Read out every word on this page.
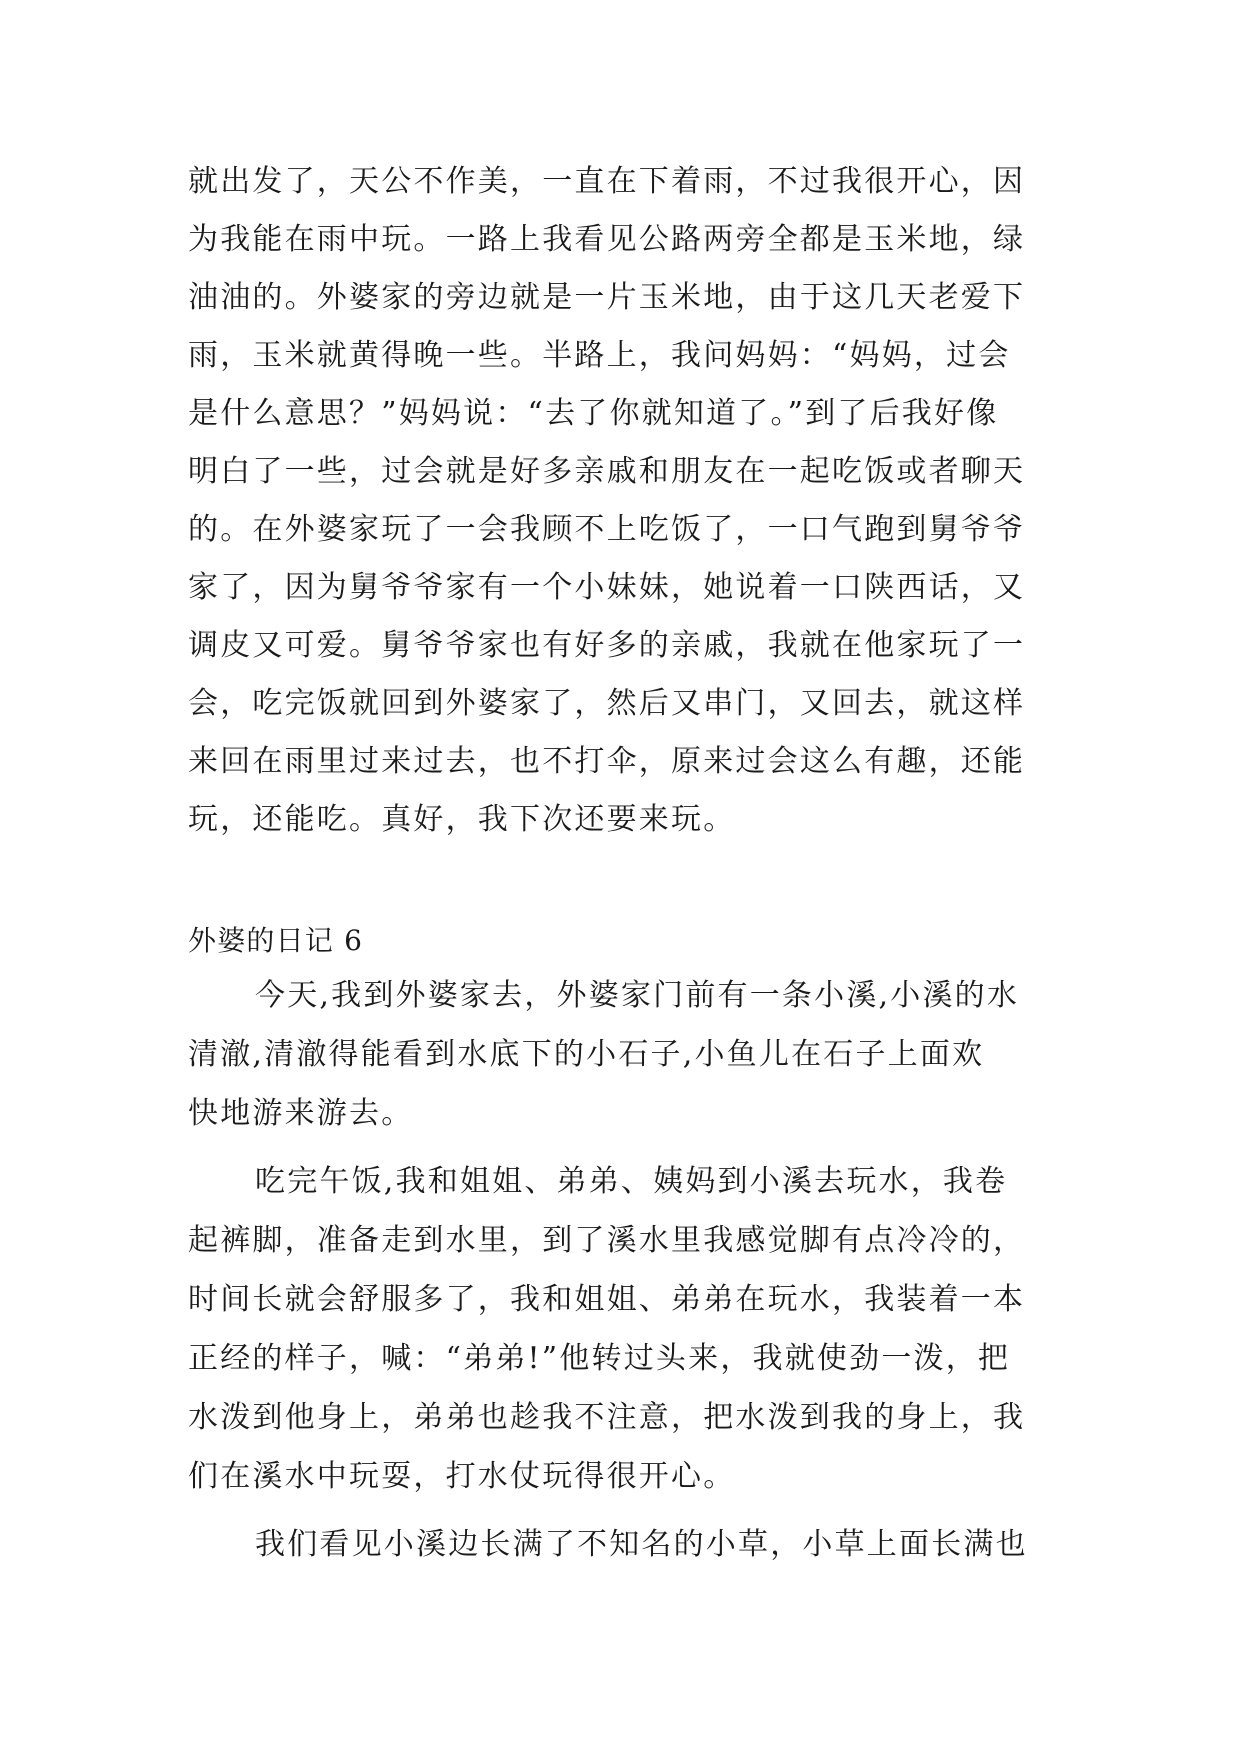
就出发了，天公不作美，一直在下着雨，不过我很开心，因
为我能在雨中玩。一路上我看见公路两旁全都是玉米地，绿
油油的。外婆家的旁边就是一片玉米地，由于这几天老爱下
雨，玉米就黄得晚一些。半路上，我问妈妈：“妈妈，过会
是什么意思？”妈妈说：“去了你就知道了。”到了后我好像
明白了一些，过会就是好多亲戚和朋友在一起吃饭或者聊天
的。在外婆家玩了一会我顾不上吃饭了，一口气跑到舅爷爷
家了，因为舅爷爷家有一个小妹妹，她说着一口陕西话，又
调皮又可爱。舅爷爷家也有好多的亲戚，我就在他家玩了一
会，吃完饭就回到外婆家了，然后又串门，又回去，就这样
来回在雨里过来过去，也不打伞，原来过会这么有趣，还能
玩，还能吃。真好，我下次还要来玩。
外婆的日记 6
今天,我到外婆家去，外婆家门前有一条小溪,小溪的水
清澈,清澈得能看到水底下的小石子,小鱼儿在石子上面欢
快地游来游去。
吃完午饭,我和姐姐、弟弟、姨妈到小溪去玩水，我卷
起裤脚，准备走到水里，到了溪水里我感觉脚有点冷冷的，
时间长就会舒服多了，我和姐姐、弟弟在玩水，我装着一本
正经的样子，喊：“弟弟!”他转过头来，我就使劲一泼，把
水泼到他身上，弟弟也趁我不注意，把水泼到我的身上，我
们在溪水中玩耍，打水仗玩得很开心。
我们看见小溪边长满了不知名的小草，小草上面长满也
